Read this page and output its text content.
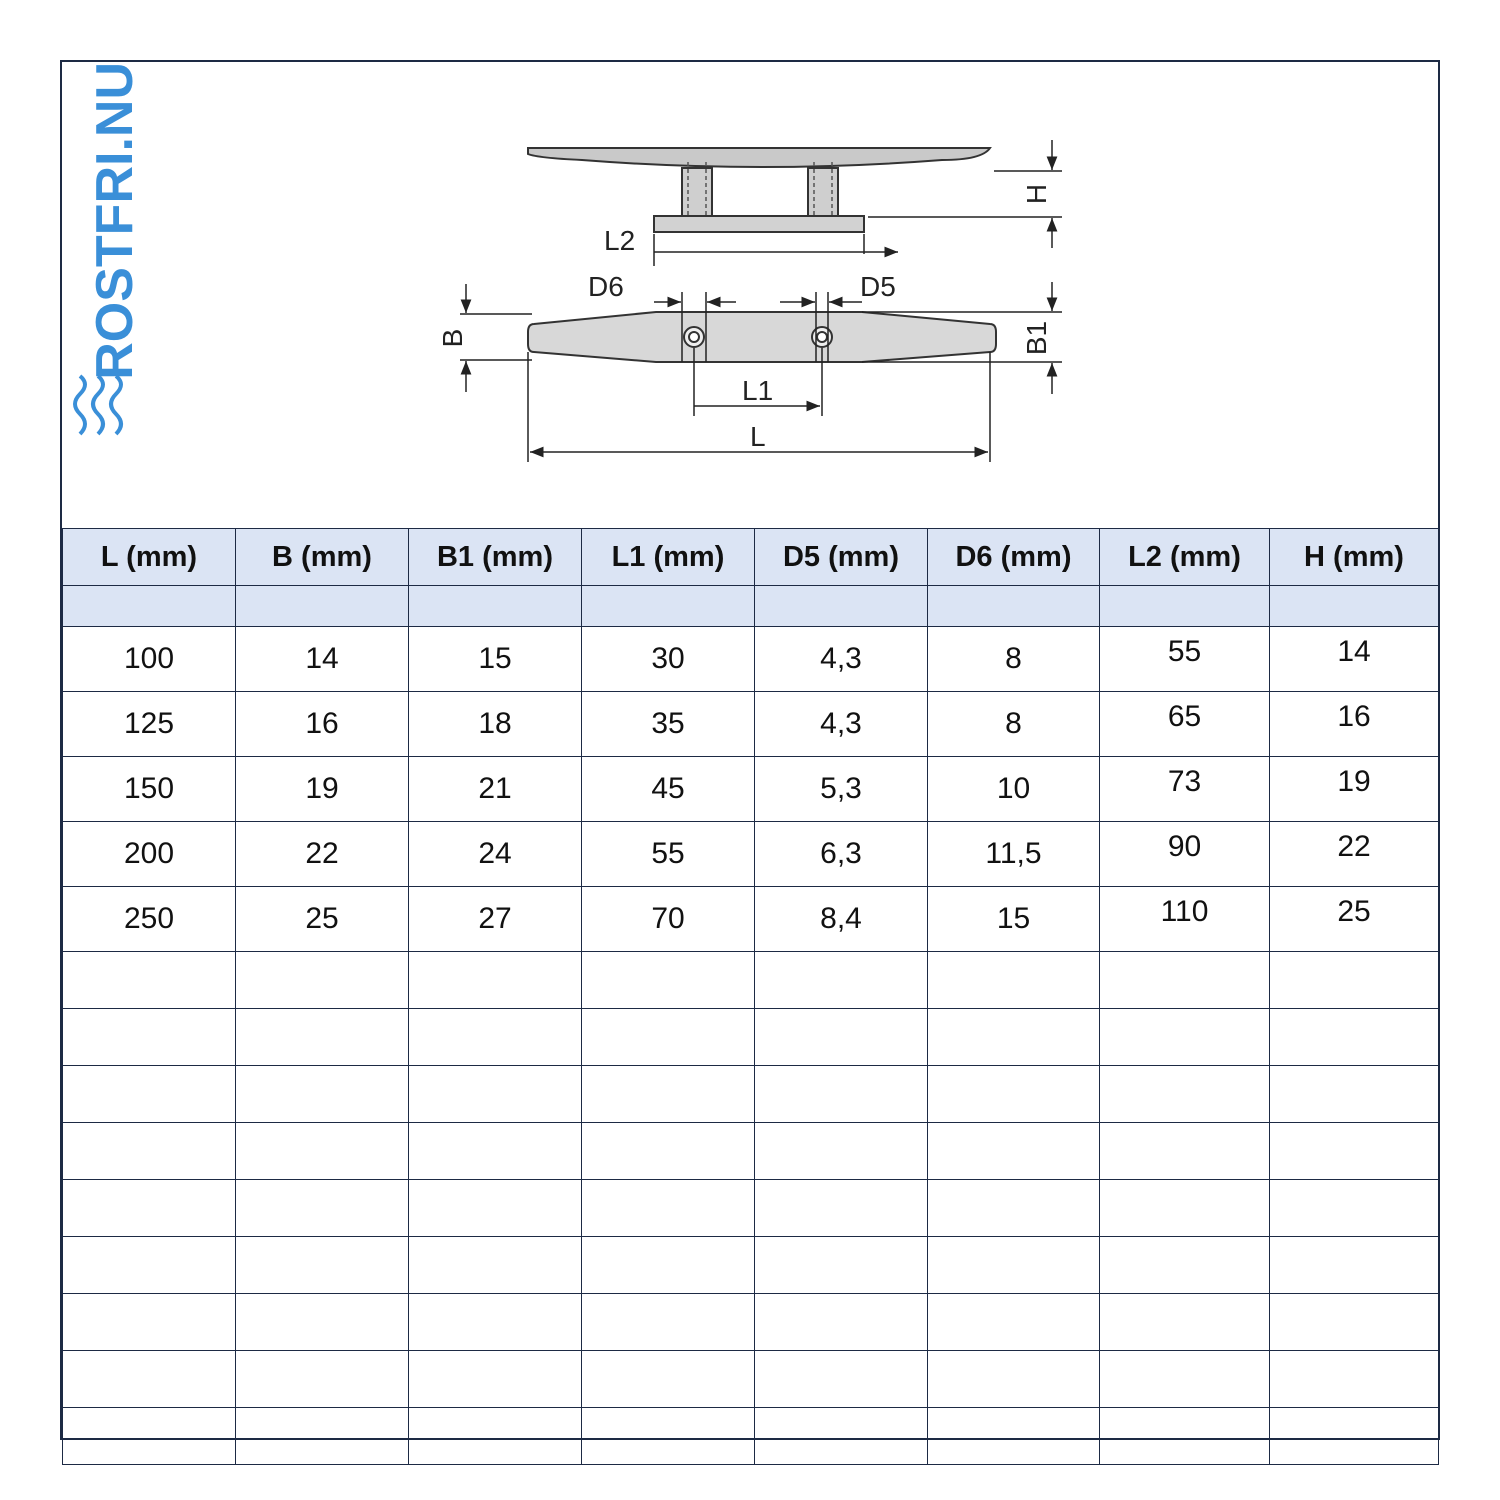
L2
H
D6	D5
B	B1
L1
L
ROSTFRI.NU
L (mm)	B (mm)	B1 (mm)	L1 (mm)	D5 (mm)	D6 (mm)	L2 (mm)	H (mm)

100	14	15	30	4,3	8	55	14
125	16	18	35	4,3	8	65	16
150	19	21	45	5,3	10	73	19
200	22	24	55	6,3	11,5	90	22
250	25	27	70	8,4	15	110	25
